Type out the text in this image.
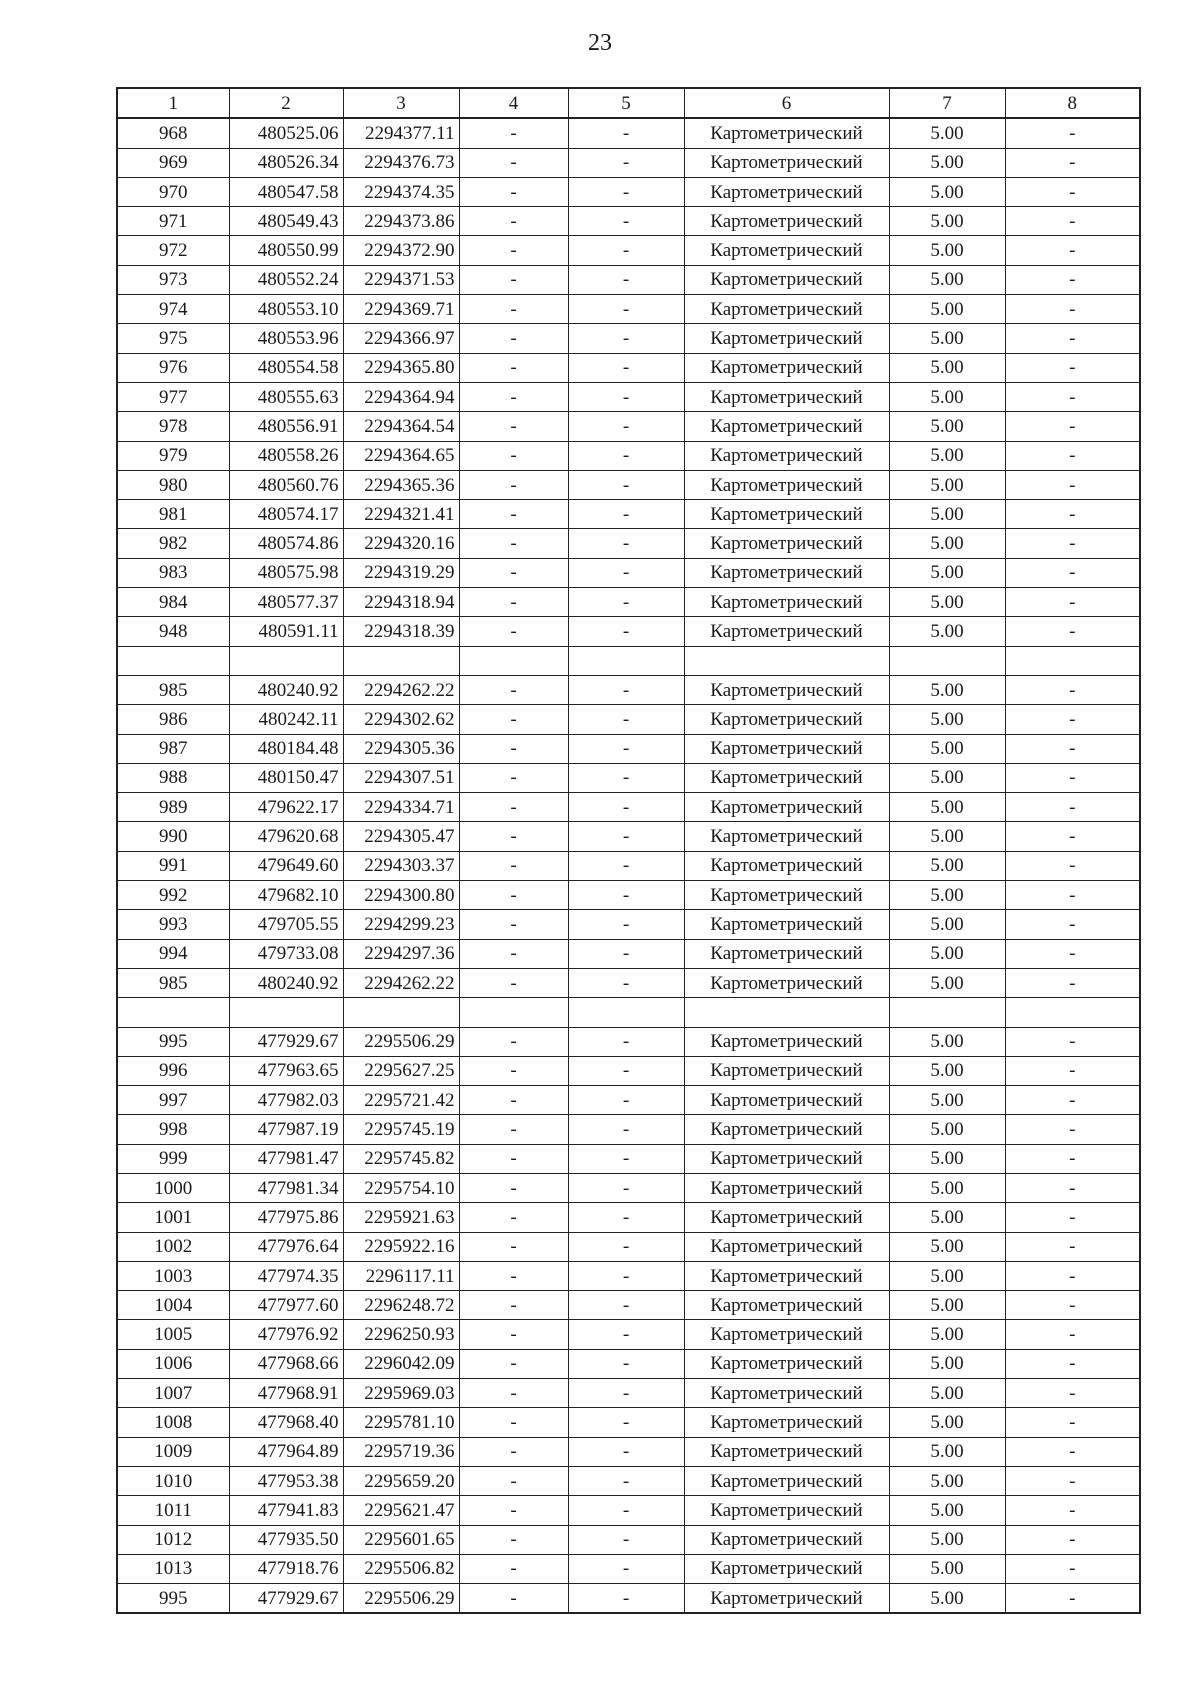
23
1	2	3	4	5	6	7	8
968	480525.06	2294377.11	-	-	Картометрический	5.00	-
969	480526.34	2294376.73	-	-	Картометрический	5.00	-
970	480547.58	2294374.35	-	-	Картометрический	5.00	-
971	480549.43	2294373.86	-	-	Картометрический	5.00	-
972	480550.99	2294372.90	-	-	Картометрический	5.00	-
973	480552.24	2294371.53	-	-	Картометрический	5.00	-
974	480553.10	2294369.71	-	-	Картометрический	5.00	-
975	480553.96	2294366.97	-	-	Картометрический	5.00	-
976	480554.58	2294365.80	-	-	Картометрический	5.00	-
977	480555.63	2294364.94	-	-	Картометрический	5.00	-
978	480556.91	2294364.54	-	-	Картометрический	5.00	-
979	480558.26	2294364.65	-	-	Картометрический	5.00	-
980	480560.76	2294365.36	-	-	Картометрический	5.00	-
981	480574.17	2294321.41	-	-	Картометрический	5.00	-
982	480574.86	2294320.16	-	-	Картометрический	5.00	-
983	480575.98	2294319.29	-	-	Картометрический	5.00	-
984	480577.37	2294318.94	-	-	Картометрический	5.00	-
948	480591.11	2294318.39	-	-	Картометрический	5.00	-

985	480240.92	2294262.22	-	-	Картометрический	5.00	-
986	480242.11	2294302.62	-	-	Картометрический	5.00	-
987	480184.48	2294305.36	-	-	Картометрический	5.00	-
988	480150.47	2294307.51	-	-	Картометрический	5.00	-
989	479622.17	2294334.71	-	-	Картометрический	5.00	-
990	479620.68	2294305.47	-	-	Картометрический	5.00	-
991	479649.60	2294303.37	-	-	Картометрический	5.00	-
992	479682.10	2294300.80	-	-	Картометрический	5.00	-
993	479705.55	2294299.23	-	-	Картометрический	5.00	-
994	479733.08	2294297.36	-	-	Картометрический	5.00	-
985	480240.92	2294262.22	-	-	Картометрический	5.00	-

995	477929.67	2295506.29	-	-	Картометрический	5.00	-
996	477963.65	2295627.25	-	-	Картометрический	5.00	-
997	477982.03	2295721.42	-	-	Картометрический	5.00	-
998	477987.19	2295745.19	-	-	Картометрический	5.00	-
999	477981.47	2295745.82	-	-	Картометрический	5.00	-
1000	477981.34	2295754.10	-	-	Картометрический	5.00	-
1001	477975.86	2295921.63	-	-	Картометрический	5.00	-
1002	477976.64	2295922.16	-	-	Картометрический	5.00	-
1003	477974.35	2296117.11	-	-	Картометрический	5.00	-
1004	477977.60	2296248.72	-	-	Картометрический	5.00	-
1005	477976.92	2296250.93	-	-	Картометрический	5.00	-
1006	477968.66	2296042.09	-	-	Картометрический	5.00	-
1007	477968.91	2295969.03	-	-	Картометрический	5.00	-
1008	477968.40	2295781.10	-	-	Картометрический	5.00	-
1009	477964.89	2295719.36	-	-	Картометрический	5.00	-
1010	477953.38	2295659.20	-	-	Картометрический	5.00	-
1011	477941.83	2295621.47	-	-	Картометрический	5.00	-
1012	477935.50	2295601.65	-	-	Картометрический	5.00	-
1013	477918.76	2295506.82	-	-	Картометрический	5.00	-
995	477929.67	2295506.29	-	-	Картометрический	5.00	-
